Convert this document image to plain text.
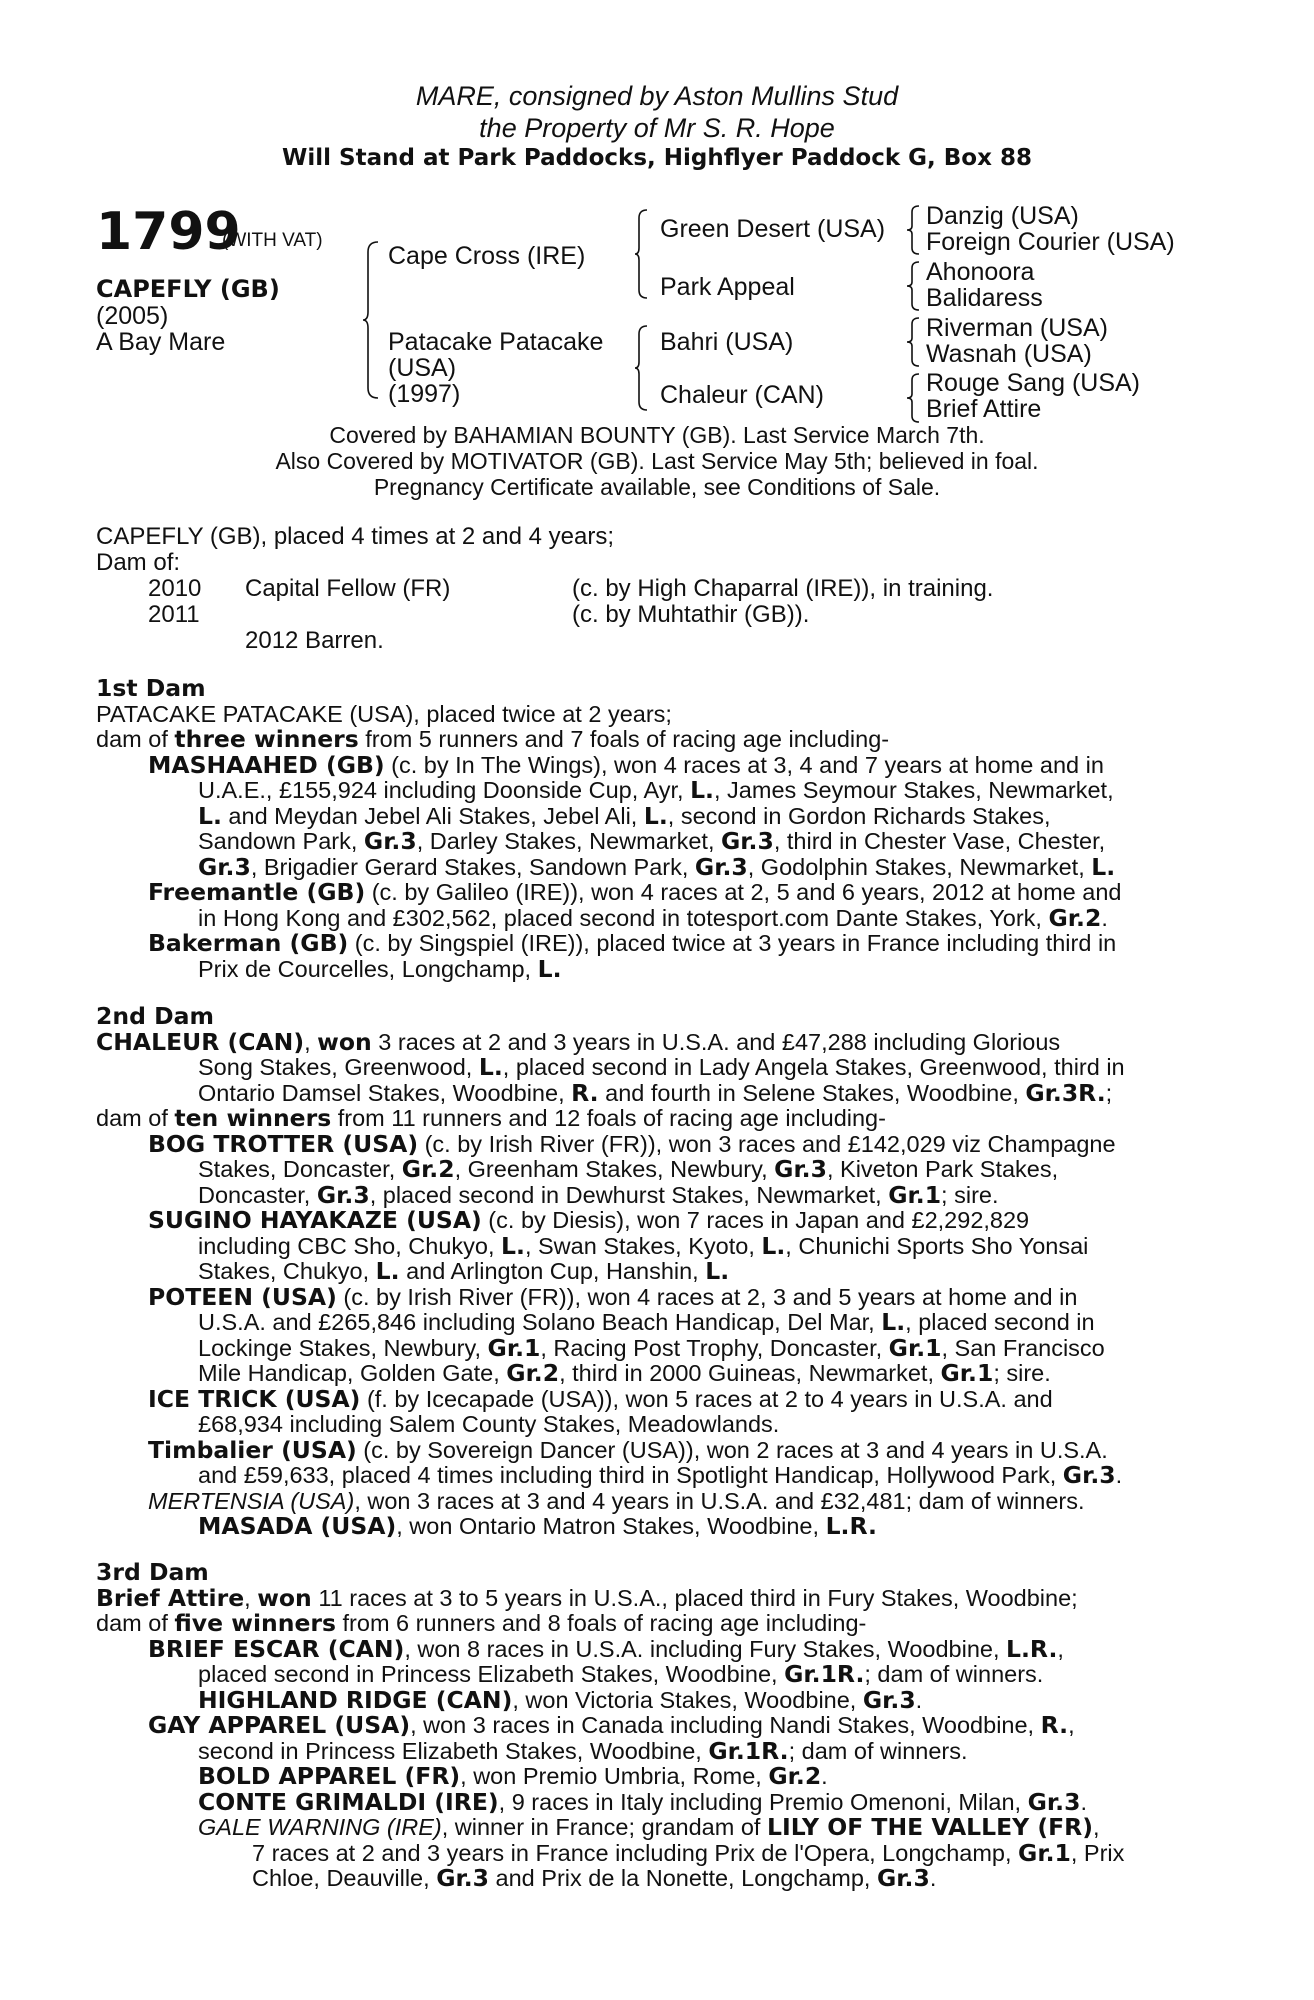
MARE, consigned by Aston Mullins Stud
the Property of Mr S. R. Hope
Will Stand at Park Paddocks, Highflyer Paddock G, Box 88
1799
(WITH VAT)
CAPEFLY (GB)
(2005)
A Bay Mare
Cape Cross (IRE)
Patacake Patacake
(USA)
(1997)
Green Desert (USA)
Park Appeal
Bahri (USA)
Chaleur (CAN)
Danzig (USA)
Foreign Courier (USA)
Ahonoora
Balidaress
Riverman (USA)
Wasnah (USA)
Rouge Sang (USA)
Brief Attire
Covered by BAHAMIAN BOUNTY (GB). Last Service March 7th.
Also Covered by MOTIVATOR (GB). Last Service May 5th; believed in foal.
Pregnancy Certificate available, see Conditions of Sale.
CAPEFLY (GB), placed 4 times at 2 and 4 years;
Dam of:
2010 Capital Fellow (FR)	(c. by High Chaparral (IRE)), in training.
2011	(c. by Muhtathir (GB)).
2012 Barren.
1st Dam
PATACAKE PATACAKE (USA), placed twice at 2 years;
dam of three winners from 5 runners and 7 foals of racing age including-
MASHAAHED (GB) (c. by In The Wings), won 4 races at 3, 4 and 7 years at home and in
U.A.E., £155,924 including Doonside Cup, Ayr, L., James Seymour Stakes, Newmarket,
L. and Meydan Jebel Ali Stakes, Jebel Ali, L., second in Gordon Richards Stakes,
Sandown Park, Gr.3, Darley Stakes, Newmarket, Gr.3, third in Chester Vase, Chester,
Gr.3, Brigadier Gerard Stakes, Sandown Park, Gr.3, Godolphin Stakes, Newmarket, L.
Freemantle (GB) (c. by Galileo (IRE)), won 4 races at 2, 5 and 6 years, 2012 at home and
in Hong Kong and £302,562, placed second in totesport.com Dante Stakes, York, Gr.2.
Bakerman (GB) (c. by Singspiel (IRE)), placed twice at 3 years in France including third in
Prix de Courcelles, Longchamp, L.
2nd Dam
CHALEUR (CAN), won 3 races at 2 and 3 years in U.S.A. and £47,288 including Glorious
Song Stakes, Greenwood, L., placed second in Lady Angela Stakes, Greenwood, third in
Ontario Damsel Stakes, Woodbine, R. and fourth in Selene Stakes, Woodbine, Gr.3R.;
dam of ten winners from 11 runners and 12 foals of racing age including-
BOG TROTTER (USA) (c. by Irish River (FR)), won 3 races and £142,029 viz Champagne
Stakes, Doncaster, Gr.2, Greenham Stakes, Newbury, Gr.3, Kiveton Park Stakes,
Doncaster, Gr.3, placed second in Dewhurst Stakes, Newmarket, Gr.1; sire.
SUGINO HAYAKAZE (USA) (c. by Diesis), won 7 races in Japan and £2,292,829
including CBC Sho, Chukyo, L., Swan Stakes, Kyoto, L., Chunichi Sports Sho Yonsai
Stakes, Chukyo, L. and Arlington Cup, Hanshin, L.
POTEEN (USA) (c. by Irish River (FR)), won 4 races at 2, 3 and 5 years at home and in
U.S.A. and £265,846 including Solano Beach Handicap, Del Mar, L., placed second in
Lockinge Stakes, Newbury, Gr.1, Racing Post Trophy, Doncaster, Gr.1, San Francisco
Mile Handicap, Golden Gate, Gr.2, third in 2000 Guineas, Newmarket, Gr.1; sire.
ICE TRICK (USA) (f. by Icecapade (USA)), won 5 races at 2 to 4 years in U.S.A. and
£68,934 including Salem County Stakes, Meadowlands.
Timbalier (USA) (c. by Sovereign Dancer (USA)), won 2 races at 3 and 4 years in U.S.A.
and £59,633, placed 4 times including third in Spotlight Handicap, Hollywood Park, Gr.3.
MERTENSIA (USA), won 3 races at 3 and 4 years in U.S.A. and £32,481; dam of winners.
MASADA (USA), won Ontario Matron Stakes, Woodbine, L.R.
3rd Dam
Brief Attire, won 11 races at 3 to 5 years in U.S.A., placed third in Fury Stakes, Woodbine;
dam of five winners from 6 runners and 8 foals of racing age including-
BRIEF ESCAR (CAN), won 8 races in U.S.A. including Fury Stakes, Woodbine, L.R.,
placed second in Princess Elizabeth Stakes, Woodbine, Gr.1R.; dam of winners.
HIGHLAND RIDGE (CAN), won Victoria Stakes, Woodbine, Gr.3.
GAY APPAREL (USA), won 3 races in Canada including Nandi Stakes, Woodbine, R.,
second in Princess Elizabeth Stakes, Woodbine, Gr.1R.; dam of winners.
BOLD APPAREL (FR), won Premio Umbria, Rome, Gr.2.
CONTE GRIMALDI (IRE), 9 races in Italy including Premio Omenoni, Milan, Gr.3.
GALE WARNING (IRE), winner in France; grandam of LILY OF THE VALLEY (FR),
7 races at 2 and 3 years in France including Prix de l'Opera, Longchamp, Gr.1, Prix
Chloe, Deauville, Gr.3 and Prix de la Nonette, Longchamp, Gr.3.
